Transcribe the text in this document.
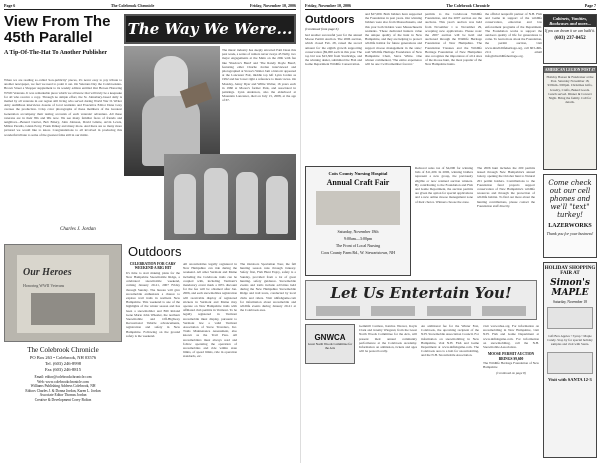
Page 6	The Colebrook Chronicle	Friday, November 10, 2006
View From The 45th Parallel
A Tip-Of-The-Hat To Another Publisher
When we are reading so-called 'non-publicity' pieces, it's never easy to pay tribute to another newspaper, we feel we need to point it out. On Veterans Day the Colebrookian-Brown Street a Shopper supplement to its weekly edition entitled Our Heroes Honoring WWII Veterans. It was remarkable piece which we all know that will truly be a keepsake for all who receive a copy. Through no simple effort, the St. Johnsbury-based daily is mailed by all veterans in our region still living who served during World War II. Writer Amy AubMuon interviews dozens of local residents and Executive Editor Dana Gray oversee the production. Crisp color photographs of these members of the Greatest Generation accompany their testing accounts of each veterans' adventure. All these veterans are in their 80s and 90s now. We see many familiar faces of friends and neighbors—Benard Currier, Bob Emery, John Johnson, David Gilette, Arvin Lewis, Milton Paradis, Glenn Perry, Frank Pelkey and many more. And there are so many more pictured we would like to know. Congratulations to all involved in producing this wonderful tribute to some of the greatest folks still in our midst.
Charles J. Jordan
The Way We Were...
The music industry has deeply attracted Patti Dean this past week, a series of rumors never sways 45 Nelly, two major engagements at the Main on the 20th with fan like 'Shadow's Band' and 'The Randy Doyle Band', featuring elder Charlie Jordan interviewed and photographed at Stowe's Walter Jam a historic appeared at the Lancaster Fair, middle top left Lynn Jordan as 1992 and her lower right a reference to music news. On Monday, Jenny Dyer and Willie Walter, 16 years each in 1960 at Moore's former Park, and associated in paintings. Lynn Anderson, also the elderhood at Mountain Lancaster, died on July 15, 2008, at the age of 67.
Our Heroes
Honoring WWII Veterans
Outdoors
The Colebrook Chronicle
PO Box 263 • Colebrook, NH 03576
Tel. (603) 246-8998
Fax (603) 246-8815
Email: editor@colebrookchronicle.com
Web: www.colebrookchronicle.com
Williams Publishing Address Colebrook, NH
Editors Charles J. & Donna Jordan, Karen L. Jordan
Associate Editor Thomas Jordan
Creative & Development Corey Bolton
CELEBRATION FOR CARS' WEEKEND A BIG HIT
It's time to start making plans for the New Hampshire Snowmobile Ridge, a celebrated snowmobile weekend, coming January 20-21, 2007 Friday through Sunday. The bureau will give snowmobile enthusiasts a chance to explore trail trails in northern New Hampshire. This weekend is one of the highlights of the winter season and has been a snowmobiler and Bill Roland Gene Marie John Wheeler, the northern Snowmobile and Off-Highway Recreational Vehicle advancements, registration and safety in New Hampshire. Following on the ground safety is the weekend.
All snowmobiles legally registered in New Hampshire can ride during the weekend. All other Vermont and Maine including the Colebrook trails can be coupled with, including Vermont's mandatory event mark a 60% discount for the fee will be obtained after Jan. 2006, and each snowmobiles registration will receivable display of registered stickers in Vermont and Maine may operate on New Hampshire trails with affiliated club permits in Vermont. To be legally registered in Vermont snowmobile must display, pursuant to Vermont law a valid Vermont Association of Snow Travelers, Inc. Trails Maintenance Assessment, also known as the Trail Pass. All snowmobilers must always read and follow operating the operation of snowmobiles and ride within state limits, of speed limits, ride in operation standards, etc.
The Outdoors Sportsman Tour, the fall hunting season runs through January. Safety first, Fish Hunt Enjoy, safety is a Sunday, provided from a lot of great hunting. safety guidance. Snowmobile events and trails include activities held during the New Hampshire Snowmobile Ridge and trail tours, conducted by local clubs and riders. Visit nhfishgame.com for information about snowmobile and wildlife events during January 20-21 at the Colebrook area.
Friday, November 10, 2006	The Colebrook Chronicle	Page 7
Outdoors
(Continued from page 6)
had another successful year for the annual Moose Permit Auction. The 2006 auction, which closed Feb. 28, raised the record amount for the eighth growth supporting conservation ($9,000 each in this year. The top bid was $23,300 from Sturbridge, and the winning dealer, submitted the Fish and Game Department Wildlife Conservation.
and $27,000. Both bidders have supported the Foundation in past years. Our winning bidders were also from Massachusetts, and this year both bidders were Massachusetts residents. 'These dedicated hunters value the unique quality of the hunt in New Hampshire, and they are helping to protect wildlife habitat for future generations and support moose management in the state,' said Wildlife Heritage Foundation of New Hampshire Chair, Steve White. One winner commented, 'The entire experience will be one I will remember forever.'
permits to the Colebrook Wildlife Foundation, and the 2007 auction are the auctions. This year's auction was held from November 1 to November 29, accepting new applications. Please note: the 2007 auction will be held and auctioned through the Wildlife Heritage Foundation of New Hampshire. The Foundation Trustees and the Wildlife Heritage Foundation of New Hampshire also recognize the importance of all 4 sites of the moose hunt, the most popular of the New Hampshire hunts.
the official nonprofit partner of N.H. Fish and Game in support of the wildlife conservation, education and law enforcement programs of the Department. The Foundation works to support the outdoors quality of life for generations to come. To learn more about the Foundation, the permit auction, visit www.nhwildlifeheritage.org, call 603-496-2111 or email info@nhwildlifeheritage.org.
Coös County Nursing Hospital
Annual Craft Fair
Saturday, November 18th
9:00am—3:00pm
The Front of Local Nursing
Coos County Farm Rd., W. Stewartstown, NH
Reduced sales tax of $4,000 for winning bids of $11,200. In 2006, winning bidders represent a new group, the previously eligible or now retained auction winners. By contributing to the Foundation and Fish and Game Department, the auction permits are given the option for special applications and a new online moose management zone of their choice. Winners choose the zone.
The 2006 hunt includes the 200 permits issued through New Hampshire's annual lottery, opening the October hunt to Natural 201 permit holders. Contributions to the Foundation fund projects support conservation of New Hampshire's wildlife resources and through the protection of wildlife habitat. To find out more about the hunting contributions, please contact the Foundation staff directly.
Let Us Entertain You!
GNWCA
Great North Woods Committee for the Arts
Gemmill Carmon, Katrina Weaver, Kayla Clark and Jeremy Wiegand, from the Great North Woods Committee for the Arts, will present their annual community performance at the Colebrook Academy. Information on admission, tickets and ages will be posted locally.
An additional fee for the Winter Fest, Colebrook, the upcoming recipient of the N.H. Snowmobile Association Council. For information on snowmobiling in New Hampshire, visit N.H. Fish and Game Department at www.nhfishgame.com. The Colebrook area is a hub for snowmobiling, and the N.H. Snowmobile Association.
visit www.nhsa.org. For information on snowmobiling in New Hampshire, visit N.H. Fish and Game Department at www.nhfishgame.com. For information on snowmobiling, call the N.H. Snowmobile Association.
MOOSE PERMIT AUCTION BRINGS $9,600
The Wildlife Heritage Foundation of New Hampshire
(Continued on page 8)
Cabinets, Vanities, Bookcases and more...
If you can dream it we can build it.
(603) 237-8452
AMERICAN LEGION POST #7
Holiday Bazaar & Fundraiser at the Post. Saturday November 18, 9:00am–3:00pm. Christmas Gifts, Jewelry, Crafts, Baked Goods. Lunch served. Dinner & Concert Night. Bring the family. Call for details.
Come check out our cell phones and we'll "text" turkey!
LAZERWORKS
Thank you for your business!
HOLIDAY SHOPPING FAIR AT
Simon's MAPLE
Saturday, November 18
Gift Box Apples • Syrup • Maple Candy. Stop by for special holiday samples and visit with Santa.
Visit with SANTA 12-3
